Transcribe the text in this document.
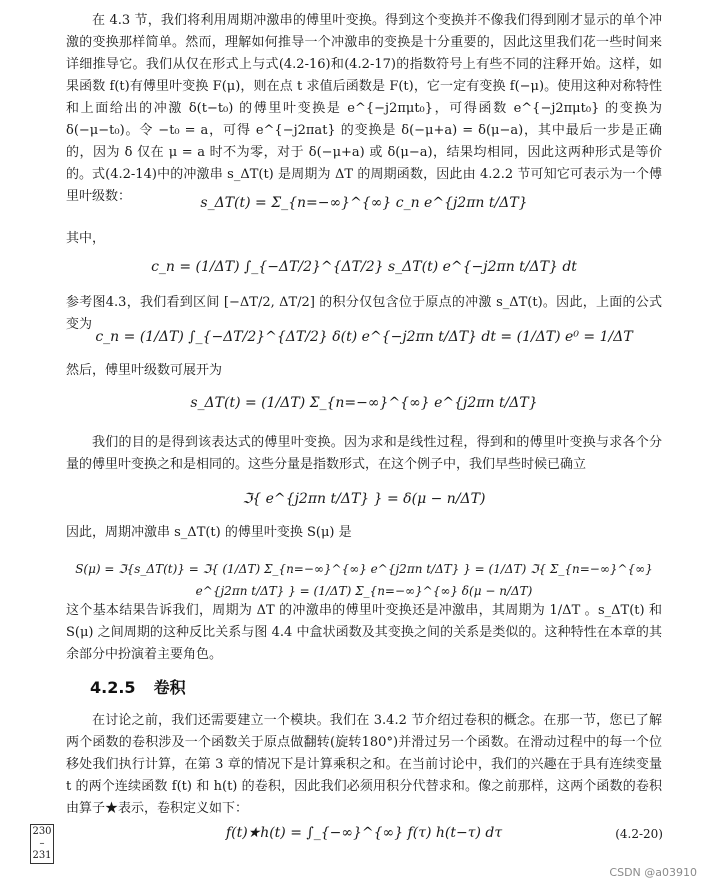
在 4.3 节，我们将利用周期冲激串的傅里叶变换。得到这个变换并不像我们得到刚才显示的单个冲激的变换那样简单。然而，理解如何推导一个冲激串的变换是十分重要的，因此这里我们花一些时间来详细推导它。我们从仅在形式上与式(4.2-16)和(4.2-17)的指数符号上有些不同的注释开始。这样，如果函数 f(t)有傅里叶变换 F(μ)，则在点 t 求值后函数是 F(t)，它一定有变换 f(−μ)。使用这种对称特性和上面给出的冲激 δ(t−t₀) 的傅里叶变换是 e^{−j2πμt₀}，可得函数 e^{−j2πμt₀} 的变换为 δ(−μ−t₀)。令 −t₀ = a，可得 e^{−j2πat} 的变换是 δ(−μ+a) = δ(μ−a)，其中最后一步是正确的，因为 δ 仅在 μ = a 时不为零，对于 δ(−μ+a) 或 δ(μ−a)，结果均相同，因此这两种形式是等价的。 式(4.2-14)中的冲激串 s_ΔT(t) 是周期为 ΔT 的周期函数，因此由 4.2.2 节可知它可表示为一个傅里叶级数：	s_ΔT(t) = Σ_{n=−∞}^{∞} c_n e^{j2πn t/ΔT}
其中，
c_n = (1/ΔT) ∫_{−ΔT/2}^{ΔT/2} s_ΔT(t) e^{−j2πn t/ΔT} dt
参考图4.3，我们看到区间 [−ΔT/2, ΔT/2] 的积分仅包含位于原点的冲激 s_ΔT(t)。因此，上面的公式变为
c_n = (1/ΔT) ∫_{−ΔT/2}^{ΔT/2} δ(t) e^{−j2πn t/ΔT} dt = (1/ΔT) e⁰ = 1/ΔT
然后，傅里叶级数可展开为
s_ΔT(t) = (1/ΔT) Σ_{n=−∞}^{∞} e^{j2πn t/ΔT}
我们的目的是得到该表达式的傅里叶变换。因为求和是线性过程，得到和的傅里叶变换与求各个分量的傅里叶变换之和是相同的。这些分量是指数形式，在这个例子中，我们早些时候已确立
ℑ{ e^{j2πn t/ΔT} } = δ(μ − n/ΔT)
因此，周期冲激串 s_ΔT(t) 的傅里叶变换 S(μ) 是
S(μ) = ℑ{s_ΔT(t)} = ℑ{ (1/ΔT) Σ_{n=−∞}^{∞} e^{j2πn t/ΔT} } = (1/ΔT) ℑ{ Σ_{n=−∞}^{∞} e^{j2πn t/ΔT} } = (1/ΔT) Σ_{n=−∞}^{∞} δ(μ − n/ΔT)
这个基本结果告诉我们，周期为 ΔT 的冲激串的傅里叶变换还是冲激串，其周期为 1/ΔT 。s_ΔT(t) 和 S(μ) 之间周期的这种反比关系与图 4.4 中盒状函数及其变换之间的关系是类似的。这种特性在本章的其余部分中扮演着主要角色。
4.2.5 卷积
在讨论之前，我们还需要建立一个模块。我们在 3.4.2 节介绍过卷积的概念。在那一节，您已了解两个函数的卷积涉及一个函数关于原点做翻转(旋转180°)并滑过另一个函数。在滑动过程中的每一个位移处我们执行计算，在第 3 章的情况下是计算乘积之和。在当前讨论中，我们的兴趣在于具有连续变量 t 的两个连续函数 f(t) 和 h(t) 的卷积，因此我们必须用积分代替求和。像之前那样，这两个函数的卷积由算子★表示，卷积定义如下：
f(t)★h(t) = ∫_{−∞}^{∞} f(τ) h(t−τ) dτ	(4.2-20)
230
–
231
CSDN @a03910
